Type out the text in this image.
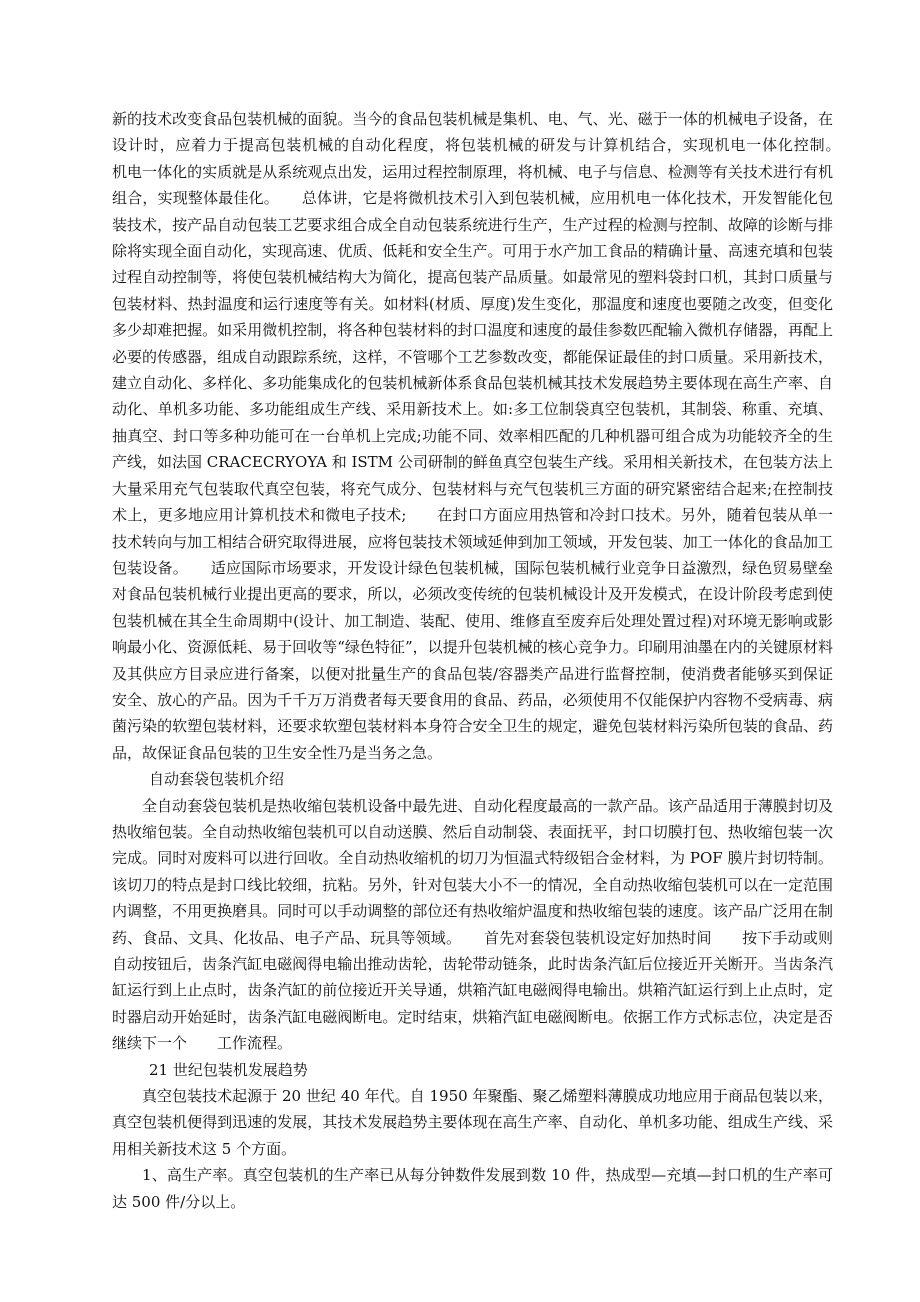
新的技术改变食品包装机械的面貌。当今的食品包装机械是集机、电、气、光、磁于一体的机械电子设备，在设计时，应着力于提高包装机械的自动化程度，将包装机械的研发与计算机结合，实现机电一体化控制。　　机电一体化的实质就是从系统观点出发，运用过程控制原理，将机械、电子与信息、检测等有关技术进行有机组合，实现整体最佳化。　　总体讲，它是将微机技术引入到包装机械，应用机电一体化技术，开发智能化包装技术，按产品自动包装工艺要求组合成全自动包装系统进行生产，生产过程的检测与控制、故障的诊断与排除将实现全面自动化，实现高速、优质、低耗和安全生产。可用于水产加工食品的精确计量、高速充填和包装过程自动控制等，将使包装机械结构大为简化，提高包装产品质量。如最常见的塑料袋封口机，其封口质量与包装材料、热封温度和运行速度等有关。如材料(材质、厚度)发生变化，那温度和速度也要随之改变，但变化多少却难把握。如采用微机控制，将各种包装材料的封口温度和速度的最佳参数匹配输入微机存储器，再配上必要的传感器，组成自动跟踪系统，这样，不管哪个工艺参数改变，都能保证最佳的封口质量。采用新技术，建立自动化、多样化、多功能集成化的包装机械新体系食品包装机械其技术发展趋势主要体现在高生产率、自动化、单机多功能、多功能组成生产线、采用新技术上。如:多工位制袋真空包装机，其制袋、称重、充填、抽真空、封口等多种功能可在一台单机上完成;功能不同、效率相匹配的几种机器可组合成为功能较齐全的生产线，如法国 CRACECRYOYA 和 ISTM 公司研制的鲜鱼真空包装生产线。采用相关新技术，在包装方法上大量采用充气包装取代真空包装，将充气成分、包装材料与充气包装机三方面的研究紧密结合起来;在控制技术上，更多地应用计算机技术和微电子技术;　　在封口方面应用热管和冷封口技术。另外，随着包装从单一技术转向与加工相结合研究取得进展，应将包装技术领域延伸到加工领域，开发包装、加工一体化的食品加工包装设备。　　适应国际市场要求，开发设计绿色包装机械，国际包装机械行业竞争日益激烈，绿色贸易壁垒对食品包装机械行业提出更高的要求，所以，必须改变传统的包装机械设计及开发模式，在设计阶段考虑到使包装机械在其全生命周期中(设计、加工制造、装配、使用、维修直至废弃后处理处置过程)对环境无影响或影响最小化、资源低耗、易于回收等“绿色特征”，以提升包装机械的核心竞争力。印刷用油墨在内的关键原材料及其供应方目录应进行备案，以便对批量生产的食品包装/容器类产品进行监督控制，使消费者能够买到保证安全、放心的产品。因为千千万万消费者每天要食用的食品、药品，必须使用不仅能保护内容物不受病毒、病菌污染的软塑包装材料，还要求软塑包装材料本身符合安全卫生的规定，避免包装材料污染所包装的食品、药品，故保证食品包装的卫生安全性乃是当务之急。

自动套袋包装机介绍

全自动套袋包装机是热收缩包装机设备中最先进、自动化程度最高的一款产品。该产品适用于薄膜封切及热收缩包装。全自动热收缩包装机可以自动送膜、然后自动制袋、表面抚平，封口切膜打包、热收缩包装一次完成。同时对废料可以进行回收。全自动热收缩机的切刀为恒温式特级铝合金材料，为 POF 膜片封切特制。该切刀的特点是封口线比较细，抗粘。另外，针对包装大小不一的情况，全自动热收缩包装机可以在一定范围内调整，不用更换磨具。同时可以手动调整的部位还有热收缩炉温度和热收缩包装的速度。该产品广泛用在制药、食品、文具、化妆品、电子产品、玩具等领域。　　首先对套袋包装机设定好加热时间　　按下手动或则自动按钮后，齿条汽缸电磁阀得电输出推动齿轮，齿轮带动链条，此时齿条汽缸后位接近开关断开。当齿条汽缸运行到上止点时，齿条汽缸的前位接近开关导通，烘箱汽缸电磁阀得电输出。烘箱汽缸运行到上止点时，定时器启动开始延时，齿条汽缸电磁阀断电。定时结束，烘箱汽缸电磁阀断电。依据工作方式标志位，决定是否继续下一个　　工作流程。

21 世纪包装机发展趋势

真空包装技术起源于 20 世纪 40 年代。自 1950 年聚酯、聚乙烯塑料薄膜成功地应用于商品包装以来，真空包装机便得到迅速的发展，其技术发展趋势主要体现在高生产率、自动化、单机多功能、组成生产线、采用相关新技术这 5 个方面。

1、高生产率。真空包装机的生产率已从每分钟数件发展到数 10 件，热成型—充填—封口机的生产率可达 500 件/分以上。
